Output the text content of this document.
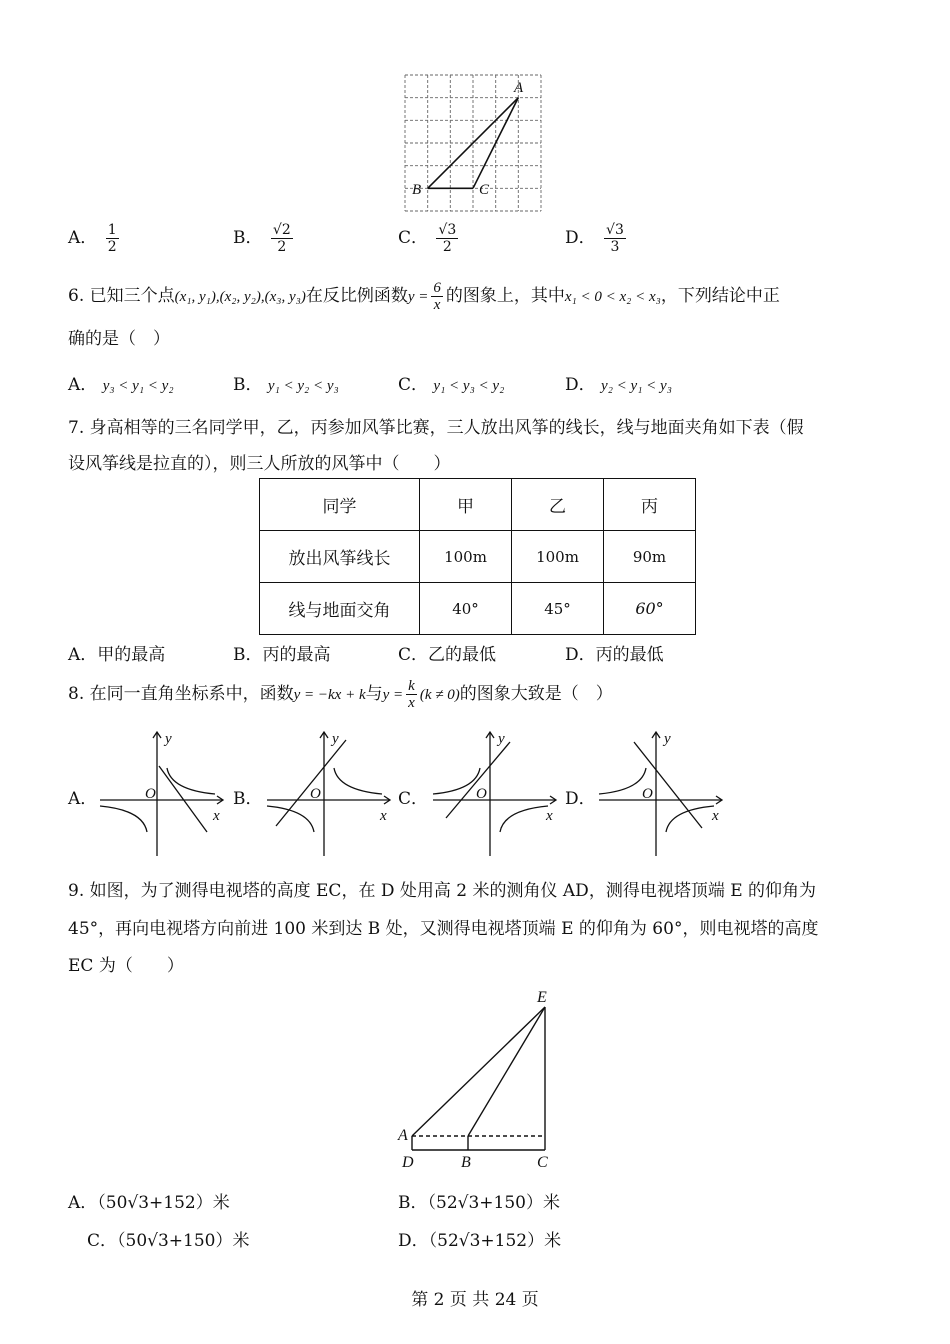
A
B	C
A． $\frac{1}{2}$	B． $\frac{√2}{2}$	C． $\frac{√3}{2}$	D． $\frac{√3}{3}$
6. 已知三个点(x₁, y₁),(x₂, y₂),(x₃, y₃)在反比例函数$y = \frac{6}{x}$ 的图象上，其中x₁ < 0 < x₂ < x₃，下列结论中正
确的是（　）
A． y₃ < y₁ < y₂	B． y₁ < y₂ < y₃	C． y₁ < y₃ < y₂	D． y₂ < y₁ < y₃
7. 身高相等的三名同学甲，乙，丙参加风筝比赛，三人放出风筝的线长，线与地面夹角如下表（假
设风筝线是拉直的），则三人所放的风筝中（　　）
同学	甲	乙	丙
放出风筝线长	100m	100m	90m
线与地面交角	40°	45°	60°
A．甲的最高	B．丙的最高	C．乙的最低	D．丙的最低
8. 在同一直角坐标系中，函数y = −kx + k与$y = \frac{k}{x} (k \ne 0)$的图象大致是（　）
A．
y
x
O	B．
y
x
O	C．
y
x
O	D．
y
x
O
9. 如图，为了测得电视塔的高度 EC，在 D 处用高 2 米的测角仪 AD，测得电视塔顶端 E 的仰角为
45°，再向电视塔方向前进 100 米到达 B 处，又测得电视塔顶端 E 的仰角为 60°，则电视塔的高度
EC 为（　　）
E
A
D	B	C
A．（50√3+152）米	B．（52√3+150）米
C．（50√3+150）米	D．（52√3+152）米
第 2 页 共 24 页
